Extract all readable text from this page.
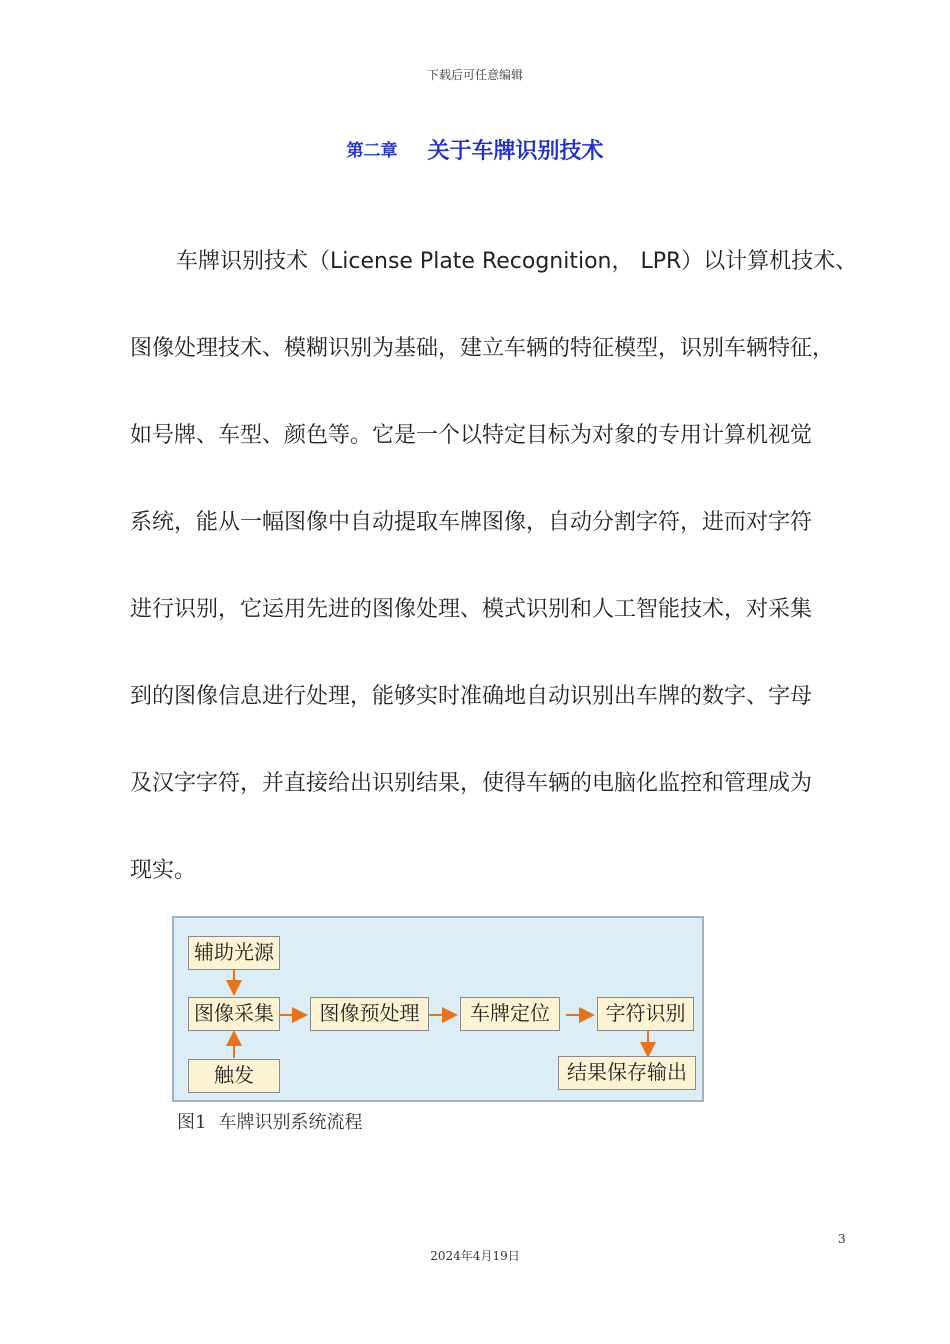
下载后可任意编辑
第二章 关于车牌识别技术
车牌识别技术（License Plate Recognition， LPR）以计算机技术、
图像处理技术、模糊识别为基础，建立车辆的特征模型，识别车辆特征，
如号牌、车型、颜色等。它是一个以特定目标为对象的专用计算机视觉
系统，能从一幅图像中自动提取车牌图像，自动分割字符，进而对字符
进行识别，它运用先进的图像处理、模式识别和人工智能技术，对采集
到的图像信息进行处理，能够实时准确地自动识别出车牌的数字、字母
及汉字字符，并直接给出识别结果，使得车辆的电脑化监控和管理成为
现实。
辅助光源
图像采集
触发
图像预处理	车牌定位	字符识别
结果保存输出
图1 车牌识别系统流程
3
2024年4月19日
